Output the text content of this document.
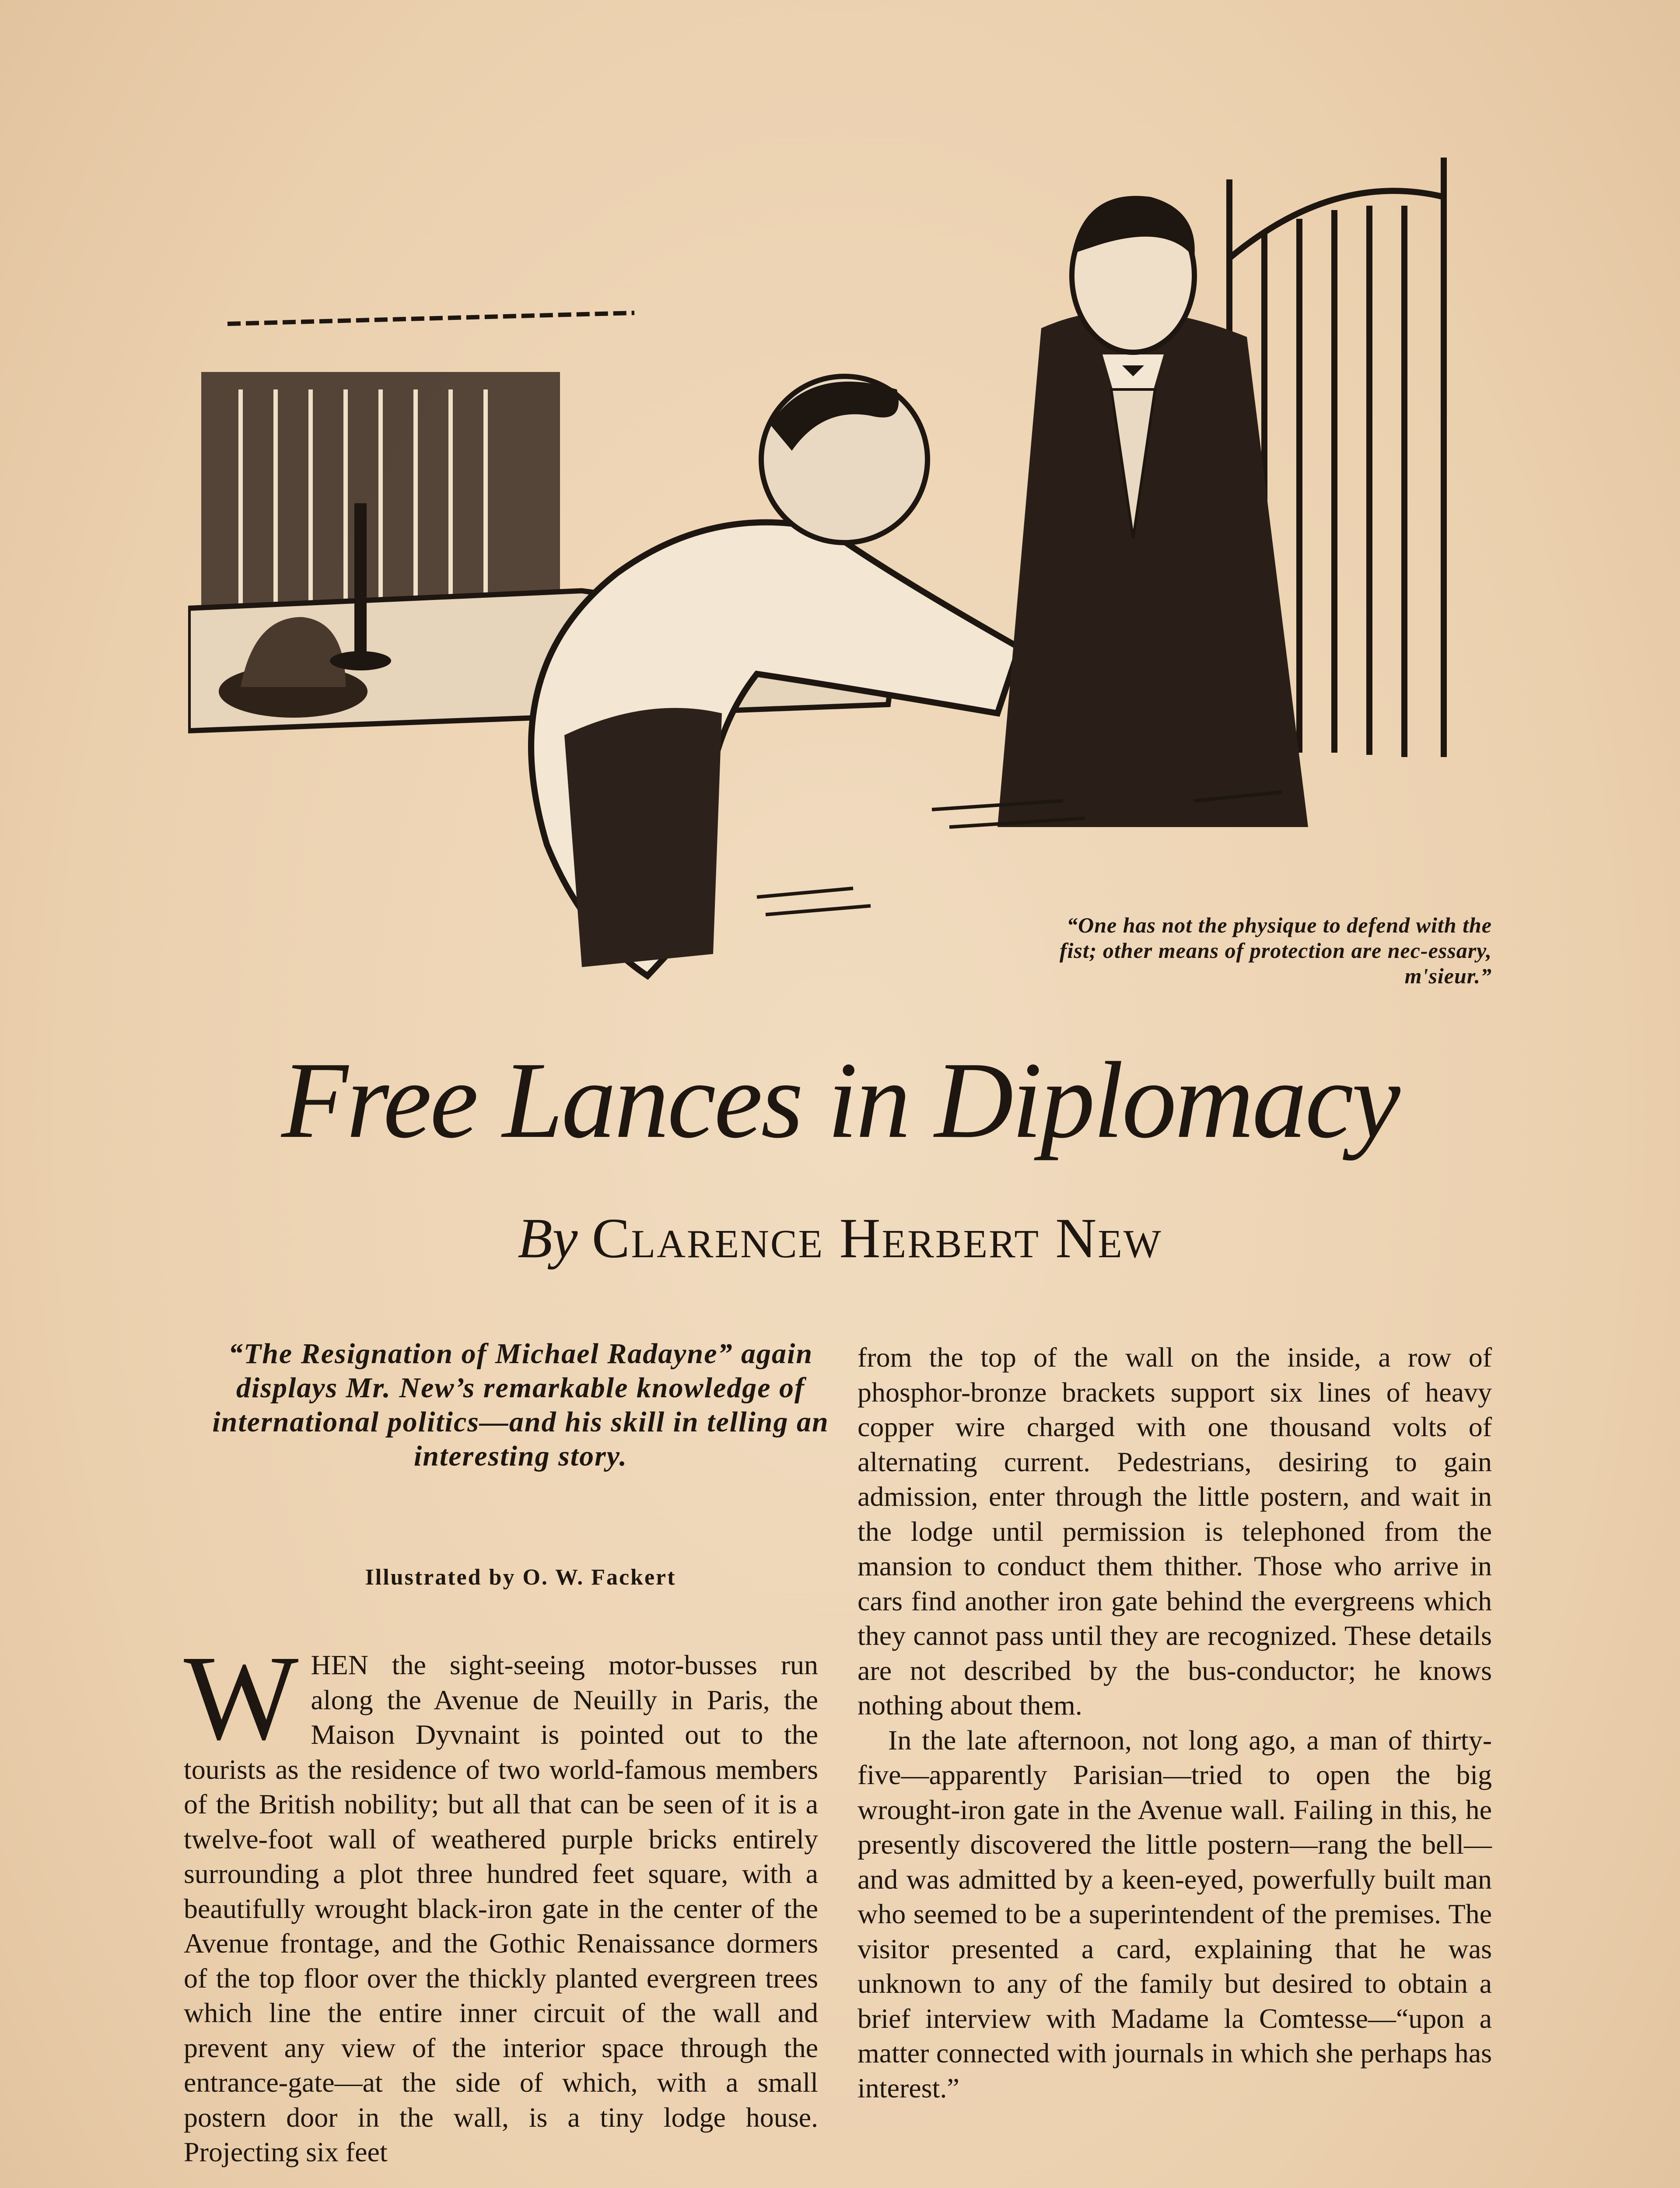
“One has not the physique to defend with the fist; other means of protection are nec-essary, m'sieur.”
Free Lances in Diplomacy
By Clarence Herbert New
“The Resignation of Michael Radayne” again displays Mr. New’s remarkable knowledge of international politics—and his skill in telling an interesting story.
Illustrated by O. W. Fackert

WHEN the sight-seeing motor-busses run along the Avenue de Neuilly in Paris, the Maison Dyvnaint is pointed out to the tourists as the residence of two world-famous members of the British nobility; but all that can be seen of it is a twelve-foot wall of weathered purple bricks entirely surrounding a plot three hundred feet square, with a beautifully wrought black-iron gate in the center of the Avenue frontage, and the Gothic Renaissance dormers of the top floor over the thickly planted evergreen trees which line the entire inner circuit of the wall and prevent any view of the interior space through the entrance-gate—at the side of which, with a small postern door in the wall, is a tiny lodge house. Projecting six feet

from the top of the wall on the inside, a row of phosphor-bronze brackets support six lines of heavy copper wire charged with one thousand volts of alternating current. Pedestrians, desiring to gain admission, enter through the little postern, and wait in the lodge until permission is telephoned from the mansion to conduct them thither. Those who arrive in cars find another iron gate behind the evergreens which they cannot pass until they are recognized. These details are not described by the bus-conductor; he knows nothing about them.

In the late afternoon, not long ago, a man of thirty-five—apparently Parisian—tried to open the big wrought-iron gate in the Avenue wall. Failing in this, he presently discovered the little postern—rang the bell—and was admitted by a keen-eyed, powerfully built man who seemed to be a superintendent of the premises. The visitor presented a card, explaining that he was unknown to any of the family but desired to obtain a brief interview with Madame la Comtesse—“upon a matter connected with journals in which she perhaps has interest.”
